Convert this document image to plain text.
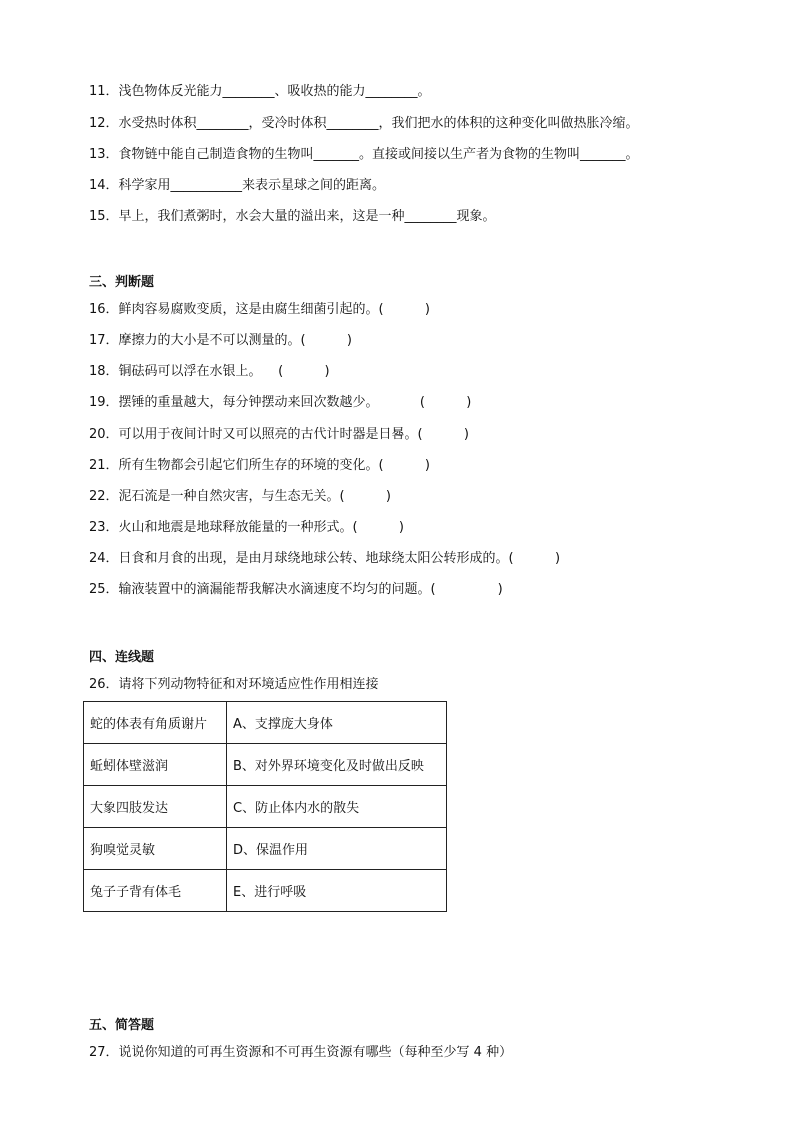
11．浅色物体反光能力________、吸收热的能力________。
12．水受热时体积________，受冷时体积________，我们把水的体积的这种变化叫做热胀冷缩。
13．食物链中能自己制造食物的生物叫_______。直接或间接以生产者为食物的生物叫_______。
14．科学家用___________来表示星球之间的距离。
15．早上，我们煮粥时，水会大量的溢出来，这是一种________现象。
三、判断题
16．鲜肉容易腐败变质，这是由腐生细菌引起的。(          )
17．摩擦力的大小是不可以测量的。(          )
18．铜砝码可以浮在水银上。    (          )
19．摆锤的重量越大，每分钟摆动来回次数越少。          (          )
20．可以用于夜间计时又可以照亮的古代计时器是日晷。(          )
21．所有生物都会引起它们所生存的环境的变化。(          )
22．泥石流是一种自然灾害，与生态无关。(          )
23．火山和地震是地球释放能量的一种形式。(          )
24．日食和月食的出现，是由月球绕地球公转、地球绕太阳公转形成的。(          )
25．输液装置中的滴漏能帮我解决水滴速度不均匀的问题。(               )
四、连线题
26．请将下列动物特征和对环境适应性作用相连接
蛇的体表有角质谢片	A、支撑庞大身体
蚯蚓体壁滋润	B、对外界环境变化及时做出反映
大象四肢发达	C、防止体内水的散失
狗嗅觉灵敏	D、保温作用
兔子子背有体毛	E、进行呼吸
五、简答题
27．说说你知道的可再生资源和不可再生资源有哪些（每种至少写 4 种）
